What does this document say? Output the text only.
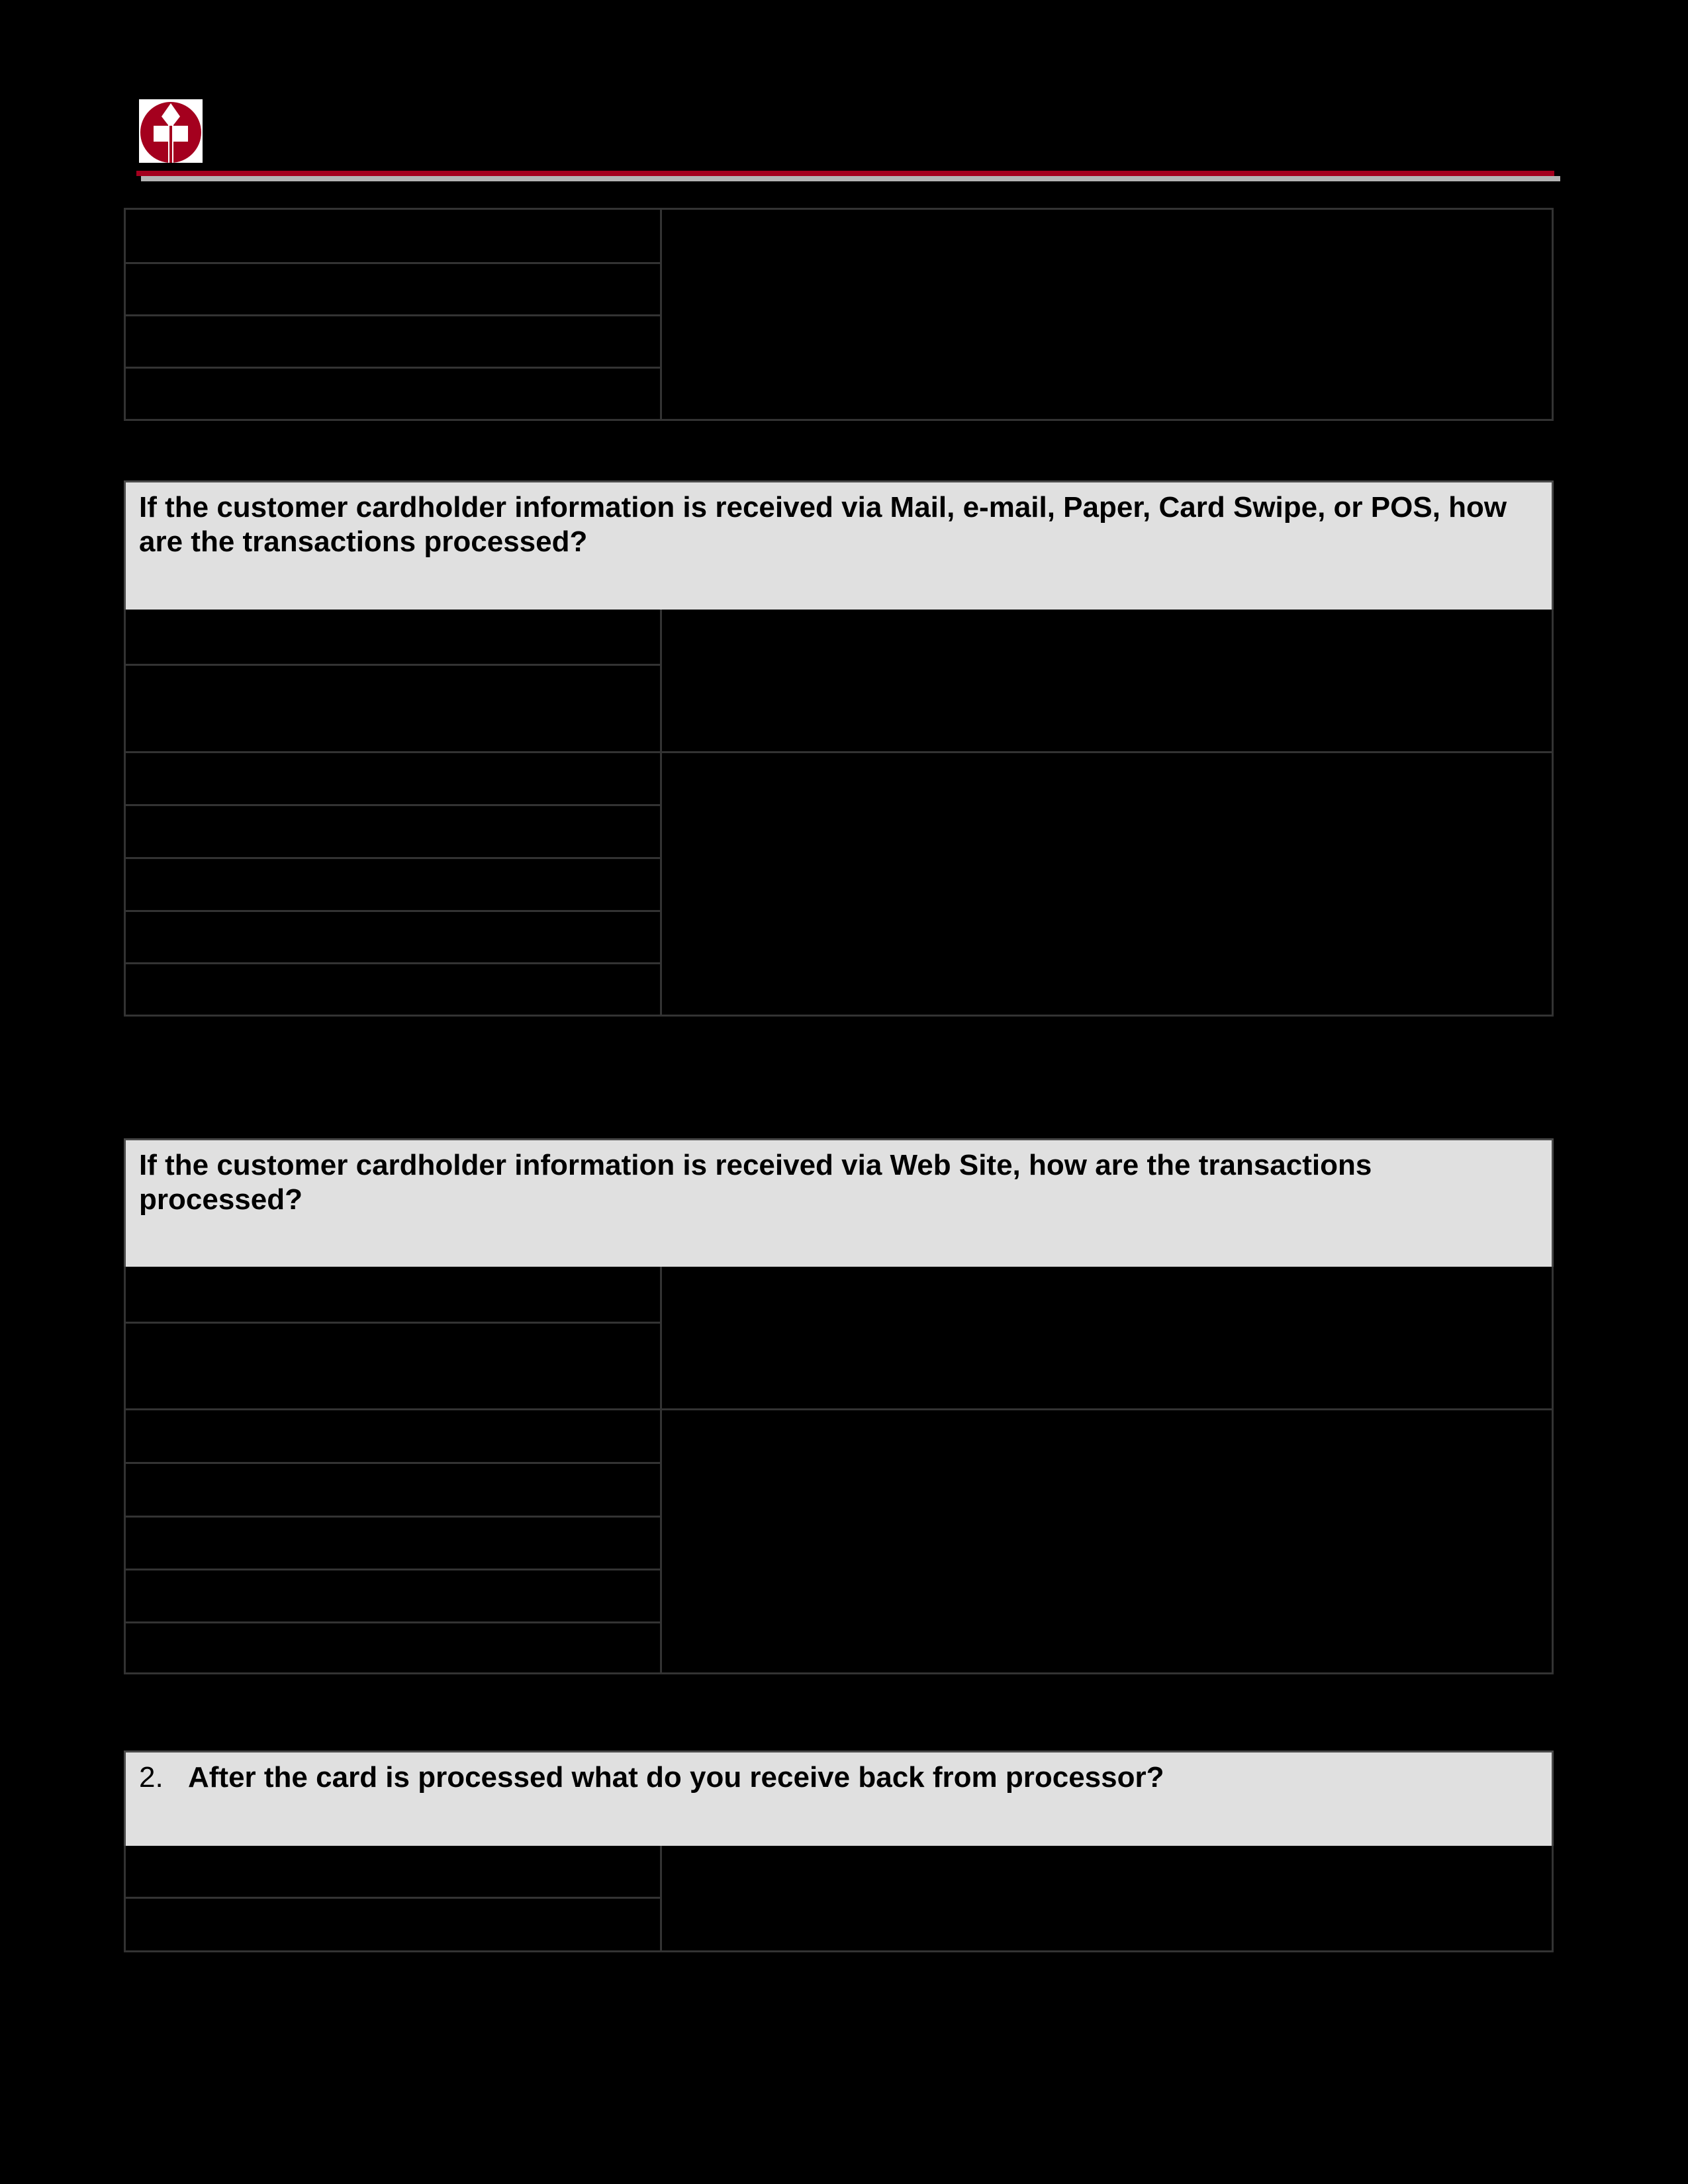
If the customer cardholder information is received via Mail, e-mail, Paper, Card Swipe, or POS, how are the transactions processed?
If the customer cardholder information is received via Web Site, how are the transactions processed?
2. After the card is processed what do you receive back from processor?
